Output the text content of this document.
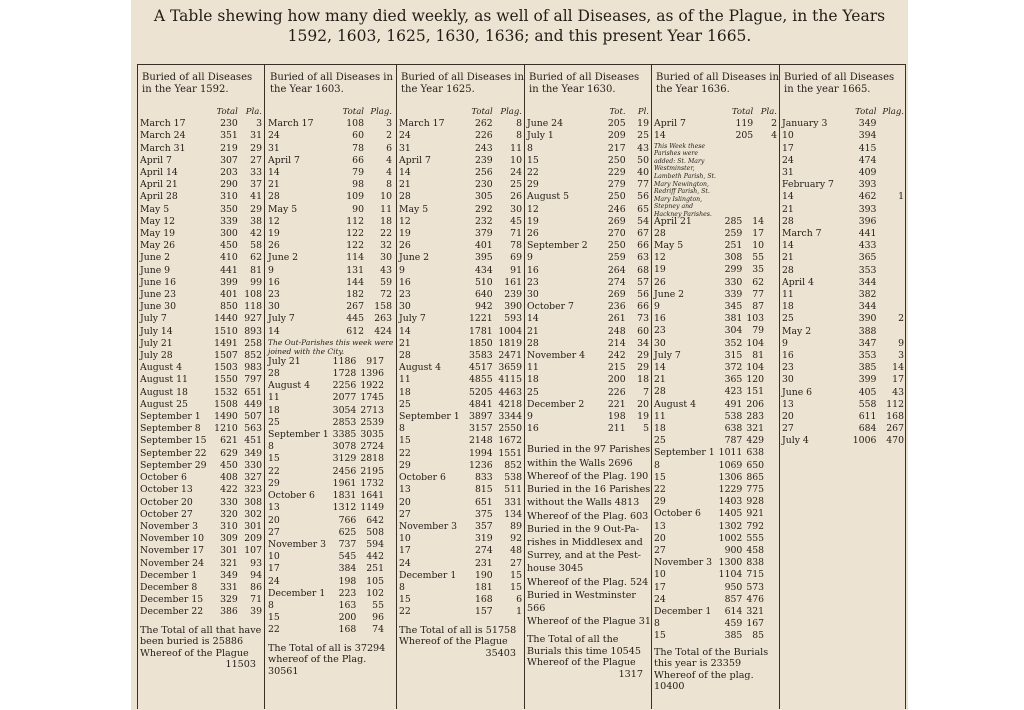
A Table shewing how many died weekly, as well of all Diseases, as of the Plague, in the Years
1592, 1603, 1625, 1630, 1636; and this present Year 1665.
Buried of all Diseases in the Year 1592.
	Total	Pla.
March 17	230	3
March 24	351	31
March 31	219	29
April 7	307	27
April 14	203	33
April 21	290	37
April 28	310	41
May 5	350	29
May 12	339	38
May 19	300	42
May 26	450	58
June 2	410	62
June 9	441	81
June 16	399	99
June 23	401	108
June 30	850	118
July 7	1440	927
July 14	1510	893
July 21	1491	258
July 28	1507	852
August 4	1503	983
August 11	1550	797
August 18	1532	651
August 25	1508	449
September 1	1490	507
September 8	1210	563
September 15	621	451
September 22	629	349
September 29	450	330
October 6	408	327
October 13	422	323
October 20	330	308
October 27	320	302
November 3	310	301
November 10	309	209
November 17	301	107
November 24	321	93
December 1	349	94
December 8	331	86
December 15	329	71
December 22	386	39
The Total of all that have been buried is 25886
Whereof of the Plague
11503
Buried of all Diseases in the Year 1603.
	Total	Plag.
March 17	108	3
24	60	2
31	78	6
April 7	66	4
14	79	4
21	98	8
28	109	10
May 5	90	11
12	112	18
19	122	22
26	122	32
June 2	114	30
9	131	43
16	144	59
23	182	72
30	267	158
July 7	445	263
14	612	424
The Out-Parishes this week were joined with the City.
July 21	1186	917
28	1728	1396
August 4	2256	1922
11	2077	1745
18	3054	2713
25	2853	2539
September 1	3385	3035
8	3078	2724
15	3129	2818
22	2456	2195
29	1961	1732
October 6	1831	1641
13	1312	1149
20	766	642
27	625	508
November 3	737	594
10	545	442
17	384	251
24	198	105
December 1	223	102
8	163	55
15	200	96
22	168	74
The Total of all is 37294
whereof of the Plag. 30561
Buried of all Diseases in the Year 1625.
	Total	Plag.
March 17	262	8
24	226	8
31	243	11
April 7	239	10
14	256	24
21	230	25
28	305	26
May 5	292	30
12	232	45
19	379	71
26	401	78
June 2	395	69
9	434	91
16	510	161
23	640	239
30	942	390
July 7	1221	593
14	1781	1004
21	1850	1819
28	3583	2471
August 4	4517	3659
11	4855	4115
18	5205	4463
25	4841	4218
September 1	3897	3344
8	3157	2550
15	2148	1672
22	1994	1551
29	1236	852
October 6	833	538
13	815	511
20	651	331
27	375	134
November 3	357	89
10	319	92
17	274	48
24	231	27
December 1	190	15
8	181	15
15	168	6
22	157	1
The Total of all is 51758
Whereof of the Plague
35403
Buried of all Diseases in the Year 1630.
	Tot.	Pl.
June 24	205	19
July 1	209	25
8	217	43
15	250	50
22	229	40
29	279	77
August 5	250	56
12	246	65
19	269	54
26	270	67
September 2	250	66
9	259	63
16	264	68
23	274	57
30	269	56
October 7	236	66
14	261	73
21	248	60
28	214	34
November 4	242	29
11	215	29
18	200	18
25	226	7
December 2	221	20
9	198	19
16	211	5
Buried in the 97 Parishes
within the Walls 2696
Whereof of the Plag. 190
Buried in the 16 Parishes
without the Walls 4813
Whereof of the Plag. 603
Buried in the 9 Out-Pa-
rishes in Middlesex and
Surrey, and at the Pest-
house 3045
Whereof of the Plag. 524
Buried in Westminster 566
Whereof of the Plague 31
The Total of all the Burials this time 10545
Whereof of the Plague
1317
Buried of all Diseases in the Year 1636.
	Total	Pla.
April 7	119	2
14	205	4
This Week these Parishes were added: St. Mary Westminster, Lambeth Parish, St. Mary Newington, Redriff Parish, St. Mary Islington, Stepney and Hackney Parishes.
April 21	285	14
28	259	17
May 5	251	10
12	308	55
19	299	35
26	330	62
June 2	339	77
9	345	87
16	381	103
23	304	79
30	352	104
July 7	315	81
14	372	104
21	365	120
28	423	151
August 4	491	206
11	538	283
18	638	321
25	787	429
September 1	1011	638
8	1069	650
15	1306	865
22	1229	775
29	1403	928
October 6	1405	921
13	1302	792
20	1002	555
27	900	458
November 3	1300	838
10	1104	715
17	950	573
24	857	476
December 1	614	321
8	459	167
15	385	85
The Total of the Burials this year is 23359
Whereof of the plag. 10400
Buried of all Diseases in the year 1665.
	Total	Plag.
January 3	349	
10	394	
17	415	
24	474	
31	409	
February 7	393	
14	462	1
21	393	
28	396	
March 7	441	
14	433	
21	365	
28	353	
April 4	344	
11	382	
18	344	
25	390	2
May 2	388	
9	347	9
16	353	3
23	385	14
30	399	17
June 6	405	43
13	558	112
20	611	168
27	684	267
July 4	1006	470
